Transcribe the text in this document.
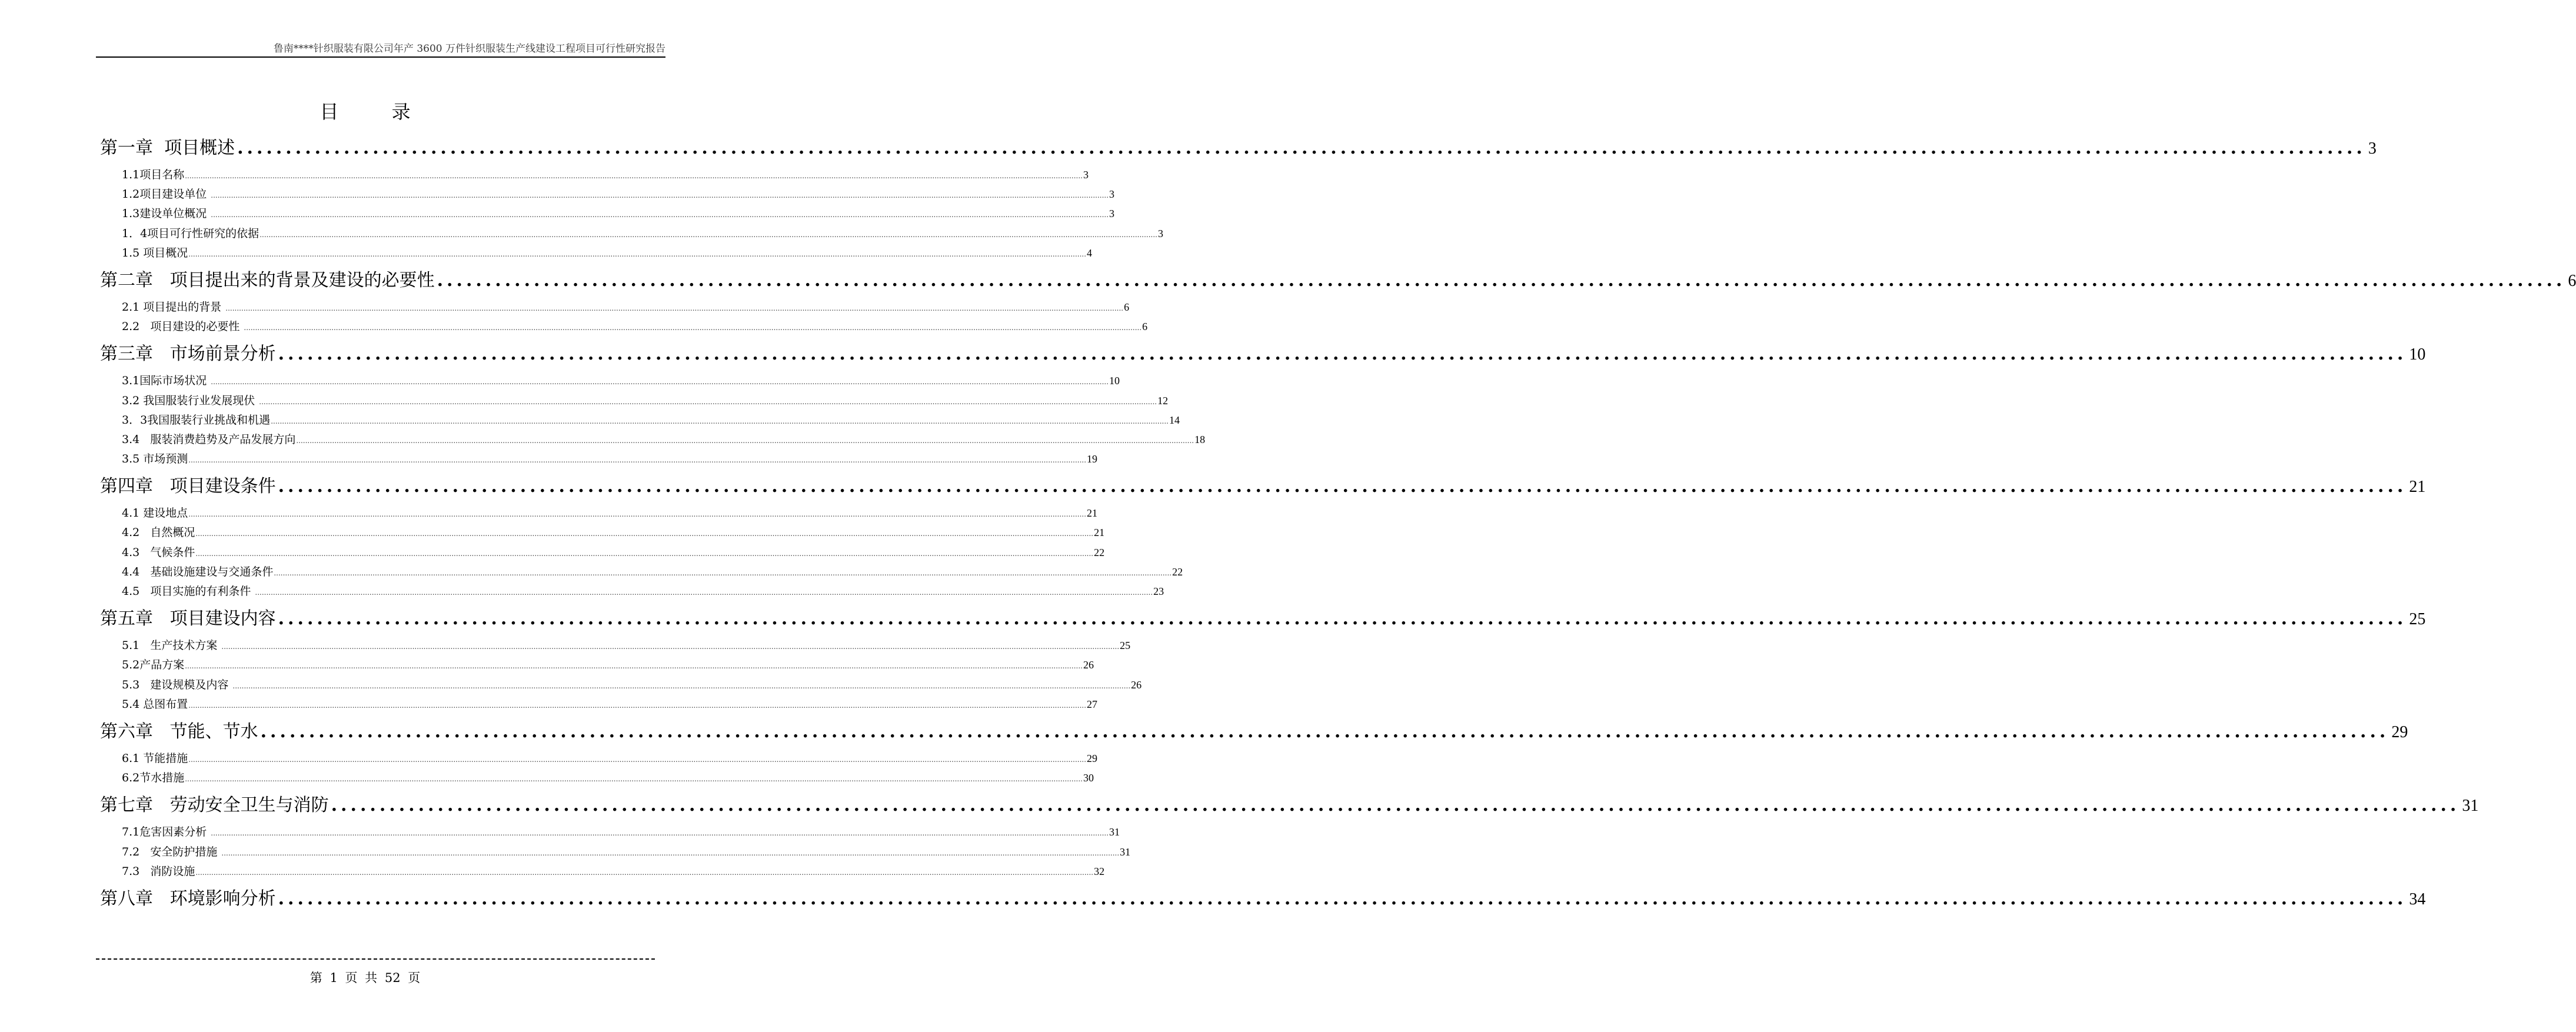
鲁南****针织服装有限公司年产 3600 万件针织服装生产线建设工程项目可行性研究报告
目 录
第一章  项目概述 ............................................................................................................................................................................................................................ 3
1.1项目名称 ................................................................................................................................................................................................................................................................................................................................................................................................................ 3
1.2项目建设单位 ................................................................................................................................................................................................................................................................................................................................................................................................................ 3
1.3建设单位概况 ................................................................................................................................................................................................................................................................................................................................................................................................................ 3
1．4项目可行性研究的依据 ................................................................................................................................................................................................................................................................................................................................................................................................................ 3
1.5 项目概况 ................................................................................................................................................................................................................................................................................................................................................................................................................ 4
第二章   项目提出来的背景及建设的必要性 ............................................................................................................................................................................................................................ 6
2.1 项目提出的背景 ................................................................................................................................................................................................................................................................................................................................................................................................................ 6
2.2   项目建设的必要性 ................................................................................................................................................................................................................................................................................................................................................................................................................ 6
第三章   市场前景分析 ............................................................................................................................................................................................................................ 10
3.1国际市场状况 ................................................................................................................................................................................................................................................................................................................................................................................................................ 10
3.2 我国服装行业发展现伏 ................................................................................................................................................................................................................................................................................................................................................................................................................ 12
3．3我国服装行业挑战和机遇 ................................................................................................................................................................................................................................................................................................................................................................................................................ 14
3.4   服装消费趋势及产品发展方向 ................................................................................................................................................................................................................................................................................................................................................................................................................ 18
3.5 市场预测 ................................................................................................................................................................................................................................................................................................................................................................................................................ 19
第四章   项目建设条件 ............................................................................................................................................................................................................................ 21
4.1 建设地点 ................................................................................................................................................................................................................................................................................................................................................................................................................ 21
4.2   自然概况 ................................................................................................................................................................................................................................................................................................................................................................................................................ 21
4.3   气候条件 ................................................................................................................................................................................................................................................................................................................................................................................................................ 22
4.4   基础设施建设与交通条件 ................................................................................................................................................................................................................................................................................................................................................................................................................ 22
4.5   项目实施的有利条件 ................................................................................................................................................................................................................................................................................................................................................................................................................ 23
第五章   项目建设内容 ............................................................................................................................................................................................................................ 25
5.1   生产技术方案 ................................................................................................................................................................................................................................................................................................................................................................................................................ 25
5.2产品方案 ................................................................................................................................................................................................................................................................................................................................................................................................................ 26
5.3   建设规模及内容 ................................................................................................................................................................................................................................................................................................................................................................................................................ 26
5.4 总图布置 ................................................................................................................................................................................................................................................................................................................................................................................................................ 27
第六章   节能、节水 ............................................................................................................................................................................................................................ 29
6.1 节能措施 ................................................................................................................................................................................................................................................................................................................................................................................................................ 29
6.2节水措施 ................................................................................................................................................................................................................................................................................................................................................................................................................ 30
第七章   劳动安全卫生与消防 ............................................................................................................................................................................................................................ 31
7.1危害因素分析 ................................................................................................................................................................................................................................................................................................................................................................................................................ 31
7.2   安全防护措施 ................................................................................................................................................................................................................................................................................................................................................................................................................ 31
7.3   消防设施 ................................................................................................................................................................................................................................................................................................................................................................................................................ 32
第八章   环境影响分析 ............................................................................................................................................................................................................................ 34
第 1 页 共 52 页
